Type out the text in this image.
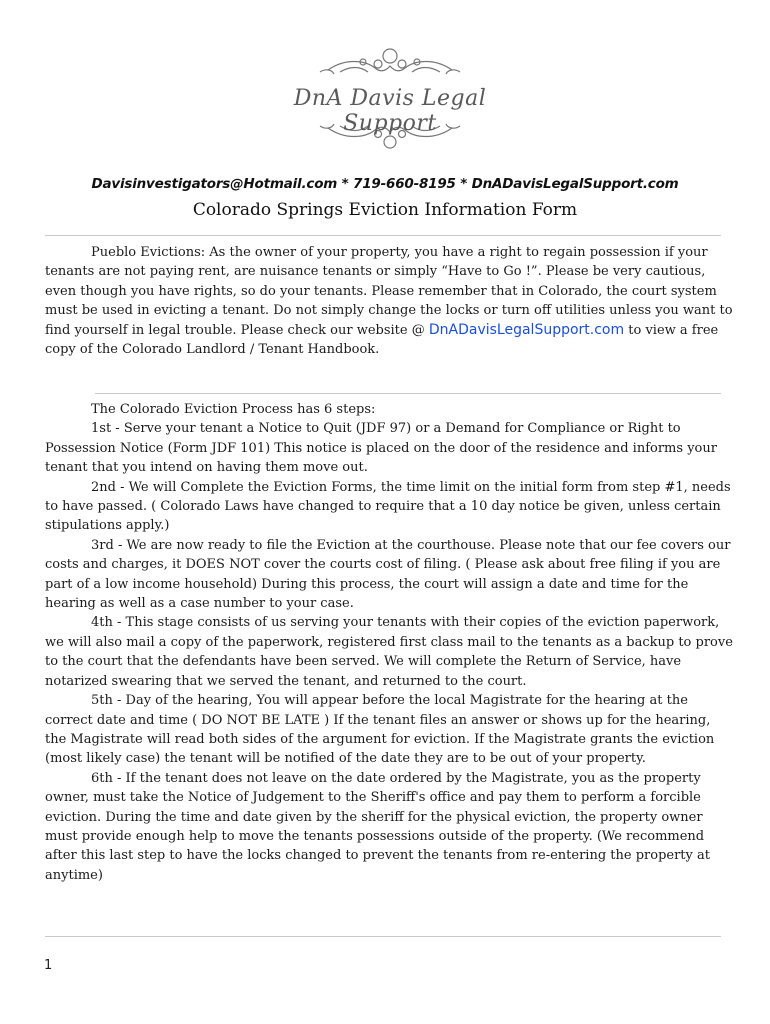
DnA Davis Legal Support
Davisinvestigators@Hotmail.com * 719-660-8195 * DnADavisLegalSupport.com
Colorado Springs Eviction Information Form
Pueblo Evictions: As the owner of your property, you have a right to regain possession if your tenants are not paying rent, are nuisance tenants or simply “Have to Go !”. Please be very cautious, even though you have rights, so do your tenants. Please remember that in Colorado, the court system must be used in evicting a tenant. Do not simply change the locks or turn off utilities unless you want to find yourself in legal trouble. Please check our website @ DnADavisLegalSupport.com to view a free copy of the Colorado Landlord / Tenant Handbook.

The Colorado Eviction Process has 6 steps:

1st - Serve your tenant a Notice to Quit (JDF 97) or a Demand for Compliance or Right to Possession Notice (Form JDF 101) This notice is placed on the door of the residence and informs your tenant that you intend on having them move out.

2nd - We will Complete the Eviction Forms, the time limit on the initial form from step #1, needs to have passed. ( Colorado Laws have changed to require that a 10 day notice be given, unless certain stipulations apply.)

3rd - We are now ready to file the Eviction at the courthouse. Please note that our fee covers our costs and charges, it DOES NOT cover the courts cost of filing. ( Please ask about free filing if you are part of a low income household) During this process, the court will assign a date and time for the hearing as well as a case number to your case.

4th - This stage consists of us serving your tenants with their copies of the eviction paperwork, we will also mail a copy of the paperwork, registered first class mail to the tenants as a backup to prove to the court that the defendants have been served. We will complete the Return of Service, have notarized swearing that we served the tenant, and returned to the court.

5th - Day of the hearing, You will appear before the local Magistrate for the hearing at the correct date and time ( DO NOT BE LATE ) If the tenant files an answer or shows up for the hearing, the Magistrate will read both sides of the argument for eviction. If the Magistrate grants the eviction (most likely case) the tenant will be notified of the date they are to be out of your property.

6th - If the tenant does not leave on the date ordered by the Magistrate, you as the property owner, must take the Notice of Judgement to the Sheriff's office and pay them to perform a forcible eviction. During the time and date given by the sheriff for the physical eviction, the property owner must provide enough help to move the tenants possessions outside of the property. (We recommend after this last step to have the locks changed to prevent the tenants from re-entering the property at anytime)

1
